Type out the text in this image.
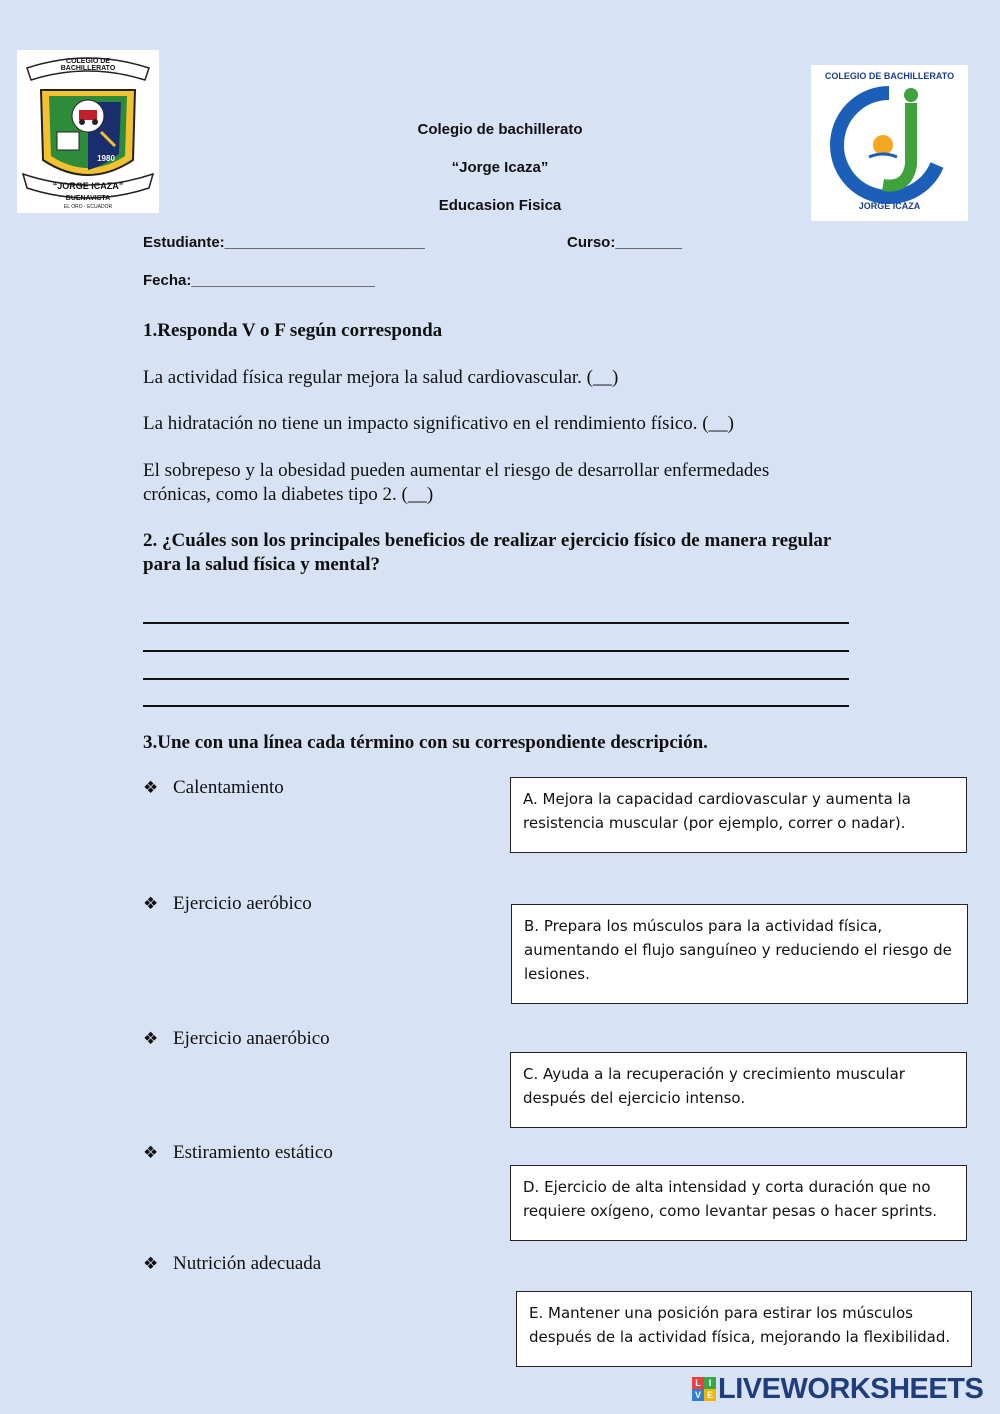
COLEGIO DE BACHILLERATO
1980
“JORGE ICAZA”
BUENAVISTA
EL ORO - ECUADOR
COLEGIO DE BACHILLERATO
JORGE ICAZA
Colegio de bachillerato
“Jorge Icaza”
Educasion Fisica
Estudiante:________________________	Curso:________
Fecha:______________________
1.Responda V o F según corresponda
La actividad física regular mejora la salud cardiovascular. (__)
La hidratación no tiene un impacto significativo en el rendimiento físico. (__)
El sobrepeso y la obesidad pueden aumentar el riesgo de desarrollar enfermedades crónicas, como la diabetes tipo 2. (__)
2. ¿Cuáles son los principales beneficios de realizar ejercicio físico de manera regular para la salud física y mental?
3.Une con una línea cada término con su correspondiente descripción.
❖ Calentamiento
❖ Ejercicio aeróbico
❖ Ejercicio anaeróbico
❖ Estiramiento estático
❖ Nutrición adecuada
A. Mejora la capacidad cardiovascular y aumenta la resistencia muscular (por ejemplo, correr o nadar).
B. Prepara los músculos para la actividad física, aumentando el flujo sanguíneo y reduciendo el riesgo de lesiones.
C. Ayuda a la recuperación y crecimiento muscular después del ejercicio intenso.
D. Ejercicio de alta intensidad y corta duración que no requiere oxígeno, como levantar pesas o hacer sprints.
E. Mantener una posición para estirar los músculos después de la actividad física, mejorando la flexibilidad.
L I
V E LIVEWORKSHEETS
